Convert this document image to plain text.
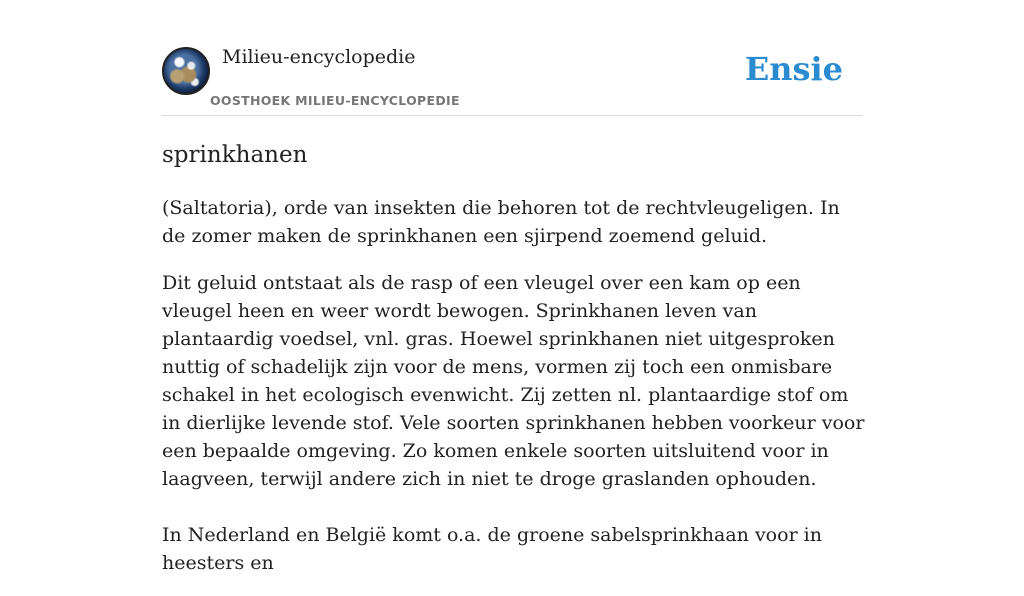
Milieu-encyclopedie
OOSTHOEK MILIEU-ENCYCLOPEDIE
Ensie
sprinkhanen

(Saltatoria), orde van insekten die behoren tot de rechtvleugeligen. In de zomer maken de sprinkhanen een sjirpend zoemend geluid.

Dit geluid ontstaat als de rasp of een vleugel over een kam op een vleugel heen en weer wordt bewogen. Sprinkhanen leven van plantaardig voedsel, vnl. gras. Hoewel sprinkhanen niet uitgesproken nuttig of schadelijk zijn voor de mens, vormen zij toch een onmisbare schakel in het ecologisch evenwicht. Zij zetten nl. plantaardige stof om in dierlijke levende stof. Vele soorten sprinkhanen hebben voorkeur voor een bepaalde omgeving. Zo komen enkele soorten uitsluitend voor in laagveen, terwijl andere zich in niet te droge graslanden ophouden.

In Nederland en België komt o.a. de groene sabelsprinkhaan voor in heesters en
